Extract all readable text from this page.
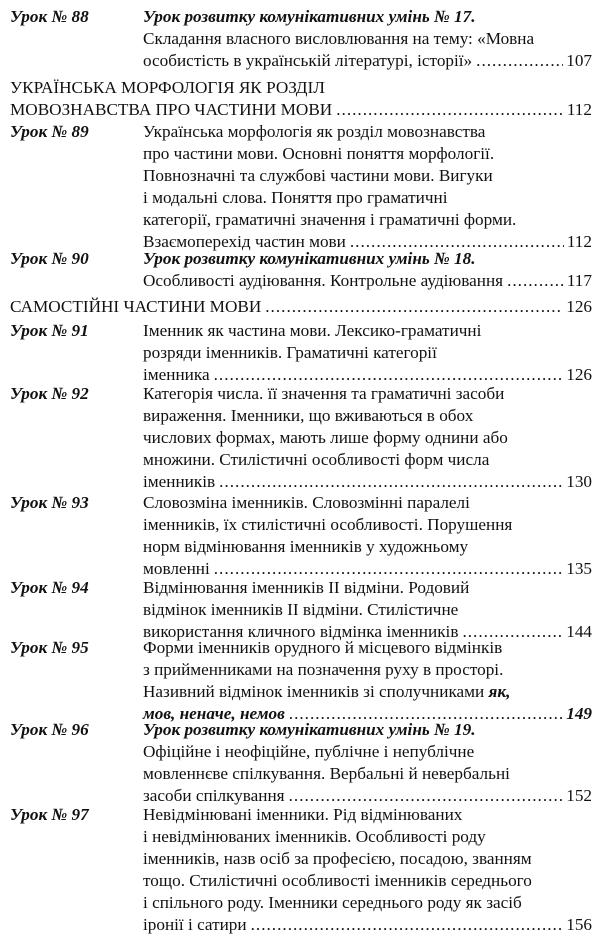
Урок № 88	Урок розвитку комунікативних умінь № 17.
Складання власного висловлювання на тему: «Мовна
особистість в українській літературі, історії» .....	107
УКРАЇНСЬКА МОРФОЛОГІЯ ЯК РОЗДІЛ
МОВОЗНАВСТВА ПРО ЧАСТИНИ МОВИ .....	112
Урок № 89	Українська морфологія як розділ мовознавства
про частини мови. Основні поняття морфології.
Повнозначні та службові частини мови. Вигуки
і модальні слова. Поняття про граматичні
категорії, граматичні значення і граматичні форми.
Взаємоперехід частин мови .....	112
Урок № 90	Урок розвитку комунікативних умінь № 18.
Особливості аудіювання. Контрольне аудіювання .....	117
САМОСТІЙНІ ЧАСТИНИ МОВИ .....	126
Урок № 91	Іменник як частина мови. Лексико-граматичні
розряди іменників. Граматичні категорії
іменника .....	126
Урок № 92	Категорія числа. її значення та граматичні засоби
вираження. Іменники, що вживаються в обох
числових формах, мають лише форму однини або
множини. Стилістичні особливості форм числа
іменників .....	130
Урок № 93	Словозміна іменників. Словозмінні паралелі
іменників, їх стилістичні особливості. Порушення
норм відмінювання іменників у художньому
мовленні .....	135
Урок № 94	Відмінювання іменників II відміни. Родовий
відмінок іменників II відміни. Стилістичне
використання кличного відмінка іменників .....	144
Урок № 95	Форми іменників орудного й місцевого відмінків
з прийменниками на позначення руху в просторі.
Називний відмінок іменників зі сполучниками як,
мов, неначе, немов .....	149
Урок № 96	Урок розвитку комунікативних умінь № 19.
Офіційне і неофіційне, публічне і непублічне
мовленнєве спілкування. Вербальні й невербальні
засоби спілкування .....	152
Урок № 97	Невідмінювані іменники. Рід відмінюваних
і невідмінюваних іменників. Особливості роду
іменників, назв осіб за професією, посадою, званням
тощо. Стилістичні особливості іменників середнього
і спільного роду. Іменники середнього роду як засіб
іронії і сатири .....	156
